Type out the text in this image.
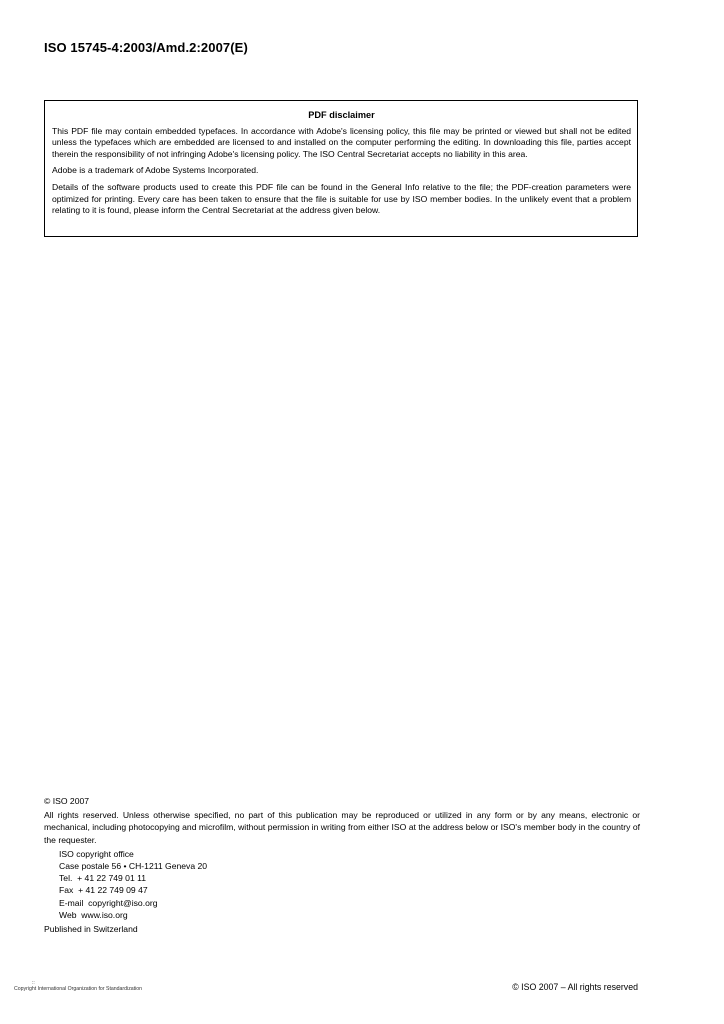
ISO 15745-4:2003/Amd.2:2007(E)
PDF disclaimer

This PDF file may contain embedded typefaces. In accordance with Adobe's licensing policy, this file may be printed or viewed but shall not be edited unless the typefaces which are embedded are licensed to and installed on the computer performing the editing. In downloading this file, parties accept therein the responsibility of not infringing Adobe's licensing policy. The ISO Central Secretariat accepts no liability in this area.

Adobe is a trademark of Adobe Systems Incorporated.

Details of the software products used to create this PDF file can be found in the General Info relative to the file; the PDF-creation parameters were optimized for printing. Every care has been taken to ensure that the file is suitable for use by ISO member bodies. In the unlikely event that a problem relating to it is found, please inform the Central Secretariat at the address given below.

© ISO 2007

All rights reserved. Unless otherwise specified, no part of this publication may be reproduced or utilized in any form or by any means, electronic or mechanical, including photocopying and microfilm, without permission in writing from either ISO at the address below or ISO's member body in the country of the requester.

ISO copyright office
Case postale 56 • CH-1211 Geneva 20
Tel.  + 41 22 749 01 11
Fax  + 41 22 749 09 47
E-mail  copyright@iso.org
Web  www.iso.org

Published in Switzerland

::
Copyright International Organization for Standardization	© ISO 2007 – All rights reserved
